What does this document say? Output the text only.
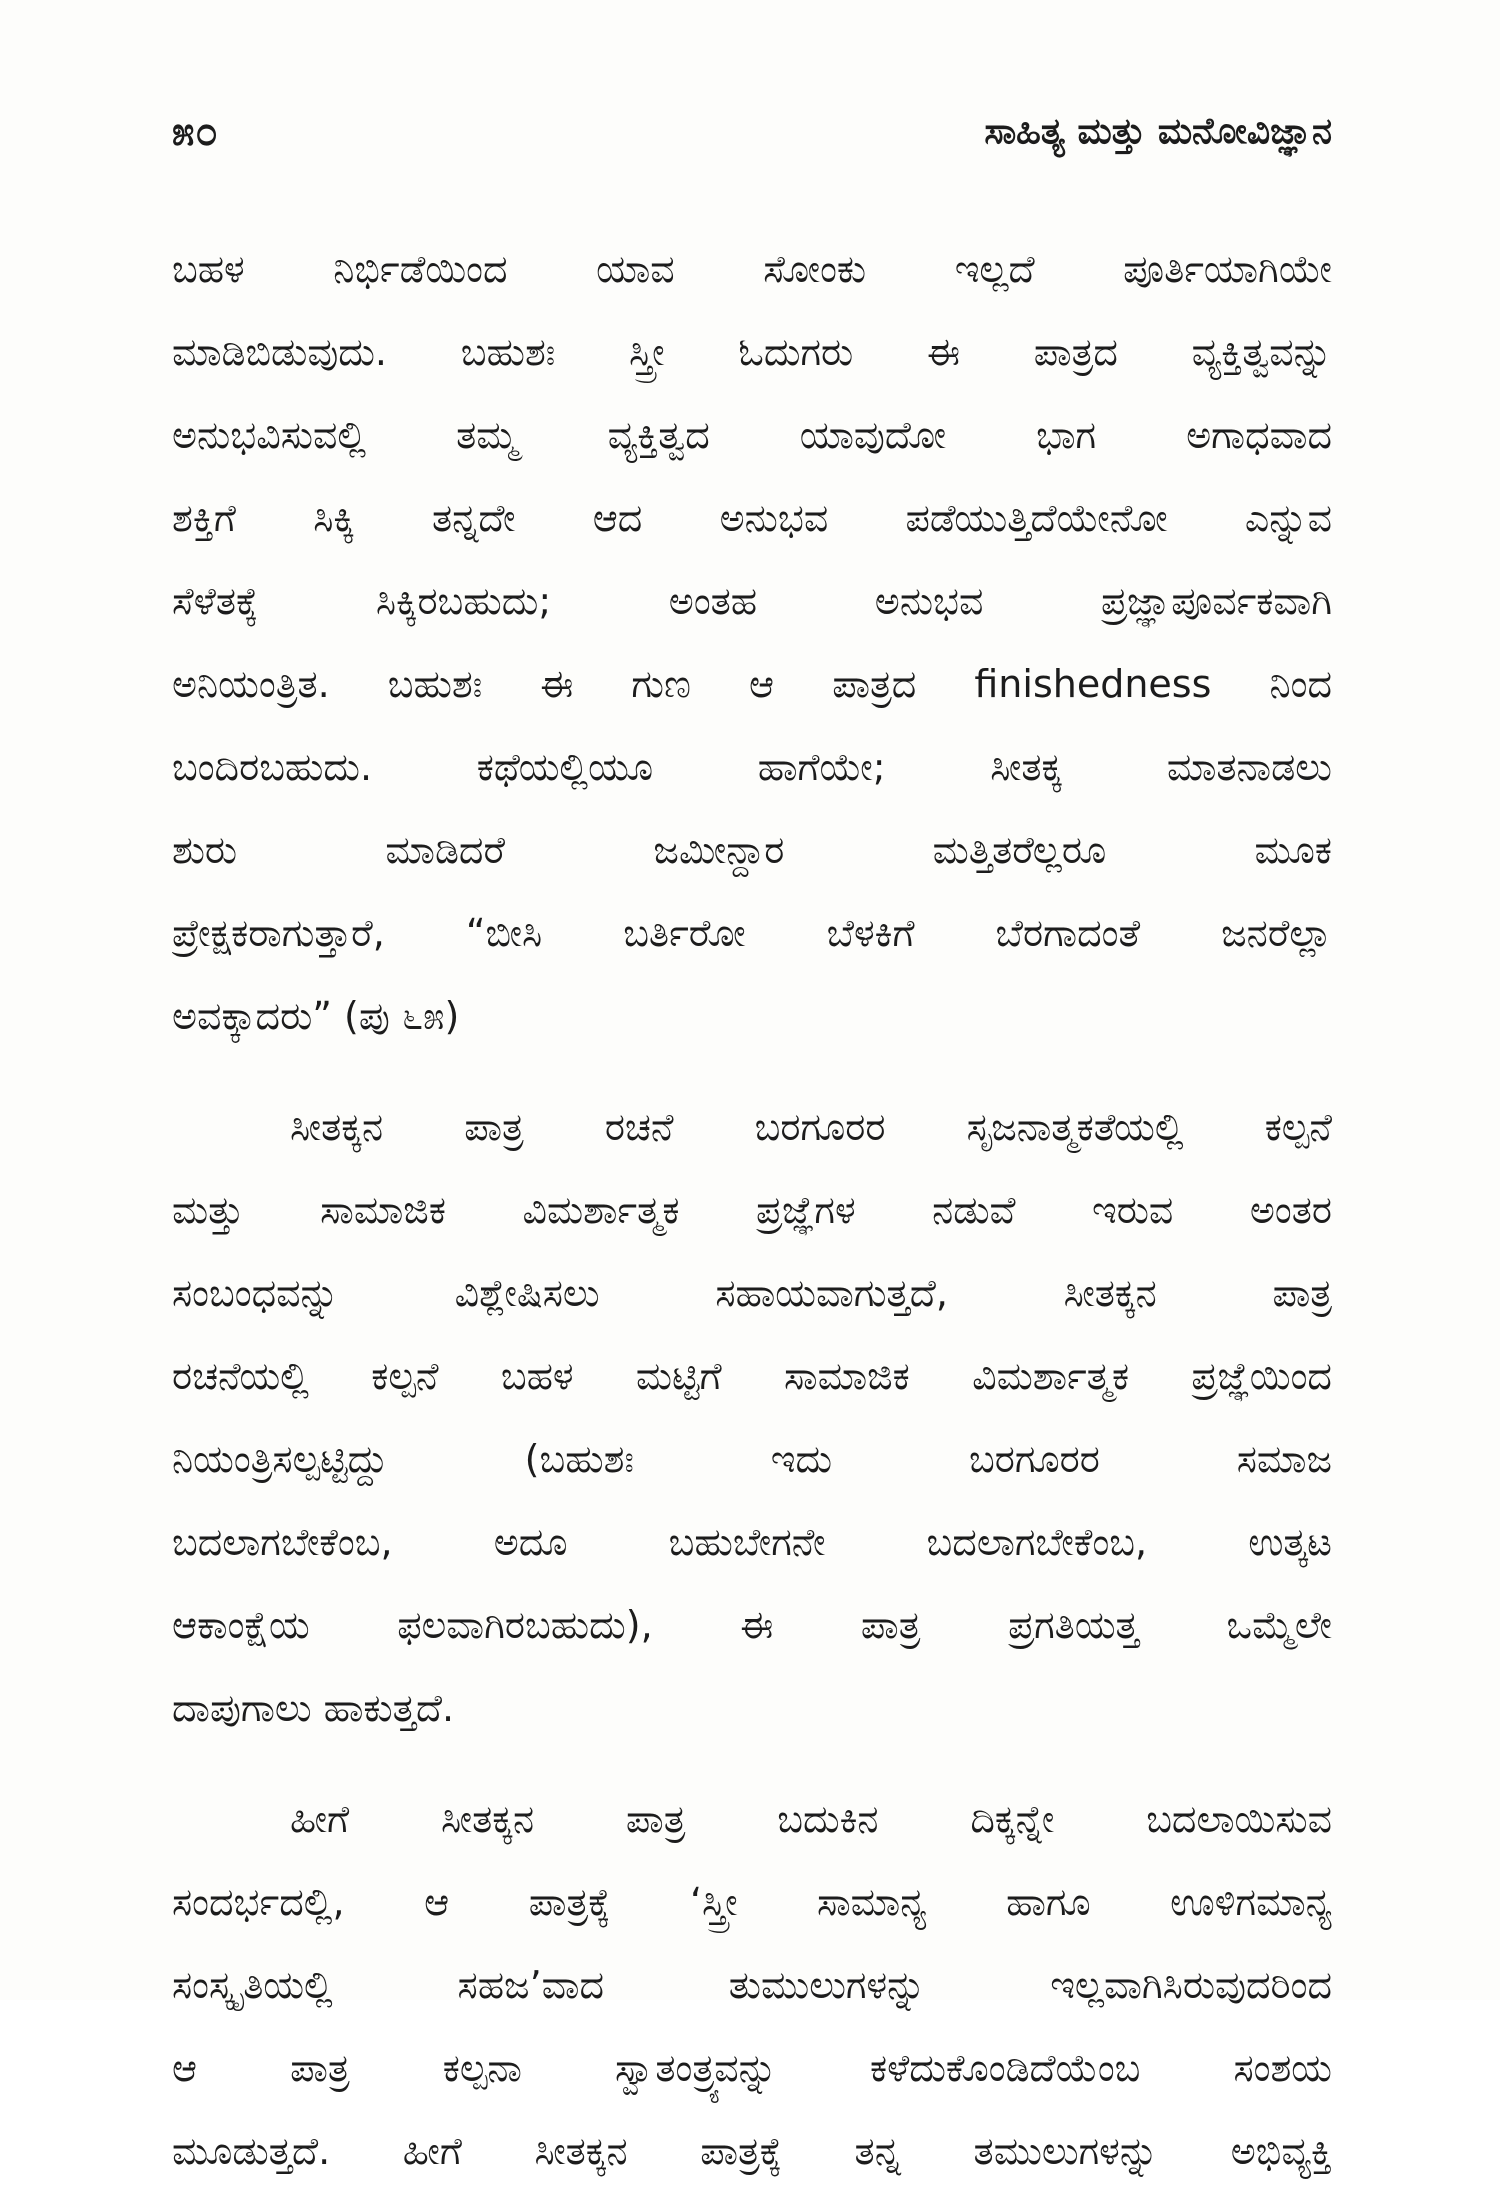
೫೦	ಸಾಹಿತ್ಯ ಮತ್ತು ಮನೋವಿಜ್ಞಾನ

ಬಹಳ ನಿರ್ಭಿಡೆಯಿಂದ ಯಾವ ಸೋಂಕು ಇಲ್ಲದೆ ಪೂರ್ತಿಯಾಗಿಯೇ
ಮಾಡಿಬಿಡುವುದು. ಬಹುಶಃ ಸ್ತ್ರೀ ಓದುಗರು ಈ ಪಾತ್ರದ ವ್ಯಕ್ತಿತ್ವವನ್ನು
ಅನುಭವಿಸುವಲ್ಲಿ ತಮ್ಮ ವ್ಯಕ್ತಿತ್ವದ ಯಾವುದೋ ಭಾಗ ಅಗಾಧವಾದ
ಶಕ್ತಿಗೆ ಸಿಕ್ಕಿ ತನ್ನದೇ ಆದ ಅನುಭವ ಪಡೆಯುತ್ತಿದೆಯೇನೋ ಎನ್ನುವ
ಸೆಳೆತಕ್ಕೆ ಸಿಕ್ಕಿರಬಹುದು; ಅಂತಹ ಅನುಭವ ಪ್ರಜ್ಞಾಪೂರ್ವಕವಾಗಿ
ಅನಿಯಂತ್ರಿತ. ಬಹುಶಃ ಈ ಗುಣ ಆ ಪಾತ್ರದ finishedness ನಿಂದ
ಬಂದಿರಬಹುದು. ಕಥೆಯಲ್ಲಿಯೂ ಹಾಗೆಯೇ; ಸೀತಕ್ಕ ಮಾತನಾಡಲು
ಶುರು ಮಾಡಿದರೆ ಜಮೀನ್ದಾರ ಮತ್ತಿತರೆಲ್ಲರೂ ಮೂಕ
ಪ್ರೇಕ್ಷಕರಾಗುತ್ತಾರೆ, “ಬೀಸಿ ಬರ್ತಿರೋ ಬೆಳಕಿಗೆ ಬೆರಗಾದಂತೆ ಜನರೆಲ್ಲಾ
ಅವಕ್ಕಾದರು” (ಪು ೬೫)

ಸೀತಕ್ಕನ ಪಾತ್ರ ರಚನೆ ಬರಗೂರರ ಸೃಜನಾತ್ಮಕತೆಯಲ್ಲಿ ಕಲ್ಪನೆ
ಮತ್ತು ಸಾಮಾಜಿಕ ವಿಮರ್ಶಾತ್ಮಕ ಪ್ರಜ್ಞೆಗಳ ನಡುವೆ ಇರುವ ಅಂತರ
ಸಂಬಂಧವನ್ನು ವಿಶ್ಲೇಷಿಸಲು ಸಹಾಯವಾಗುತ್ತದೆ, ಸೀತಕ್ಕನ ಪಾತ್ರ
ರಚನೆಯಲ್ಲಿ ಕಲ್ಪನೆ ಬಹಳ ಮಟ್ಟಿಗೆ ಸಾಮಾಜಿಕ ವಿಮರ್ಶಾತ್ಮಕ ಪ್ರಜ್ಞೆಯಿಂದ
ನಿಯಂತ್ರಿಸಲ್ಪಟ್ಟಿದ್ದು (ಬಹುಶಃ ಇದು ಬರಗೂರರ ಸಮಾಜ
ಬದಲಾಗಬೇಕೆಂಬ, ಅದೂ ಬಹುಬೇಗನೇ ಬದಲಾಗಬೇಕೆಂಬ, ಉತ್ಕಟ
ಆಕಾಂಕ್ಷೆಯ ಫಲವಾಗಿರಬಹುದು), ಈ ಪಾತ್ರ ಪ್ರಗತಿಯತ್ತ ಒಮ್ಮೆಲೇ
ದಾಪುಗಾಲು ಹಾಕುತ್ತದೆ.

ಹೀಗೆ ಸೀತಕ್ಕನ ಪಾತ್ರ ಬದುಕಿನ ದಿಕ್ಕನ್ನೇ ಬದಲಾಯಿಸುವ
ಸಂದರ್ಭದಲ್ಲಿ, ಆ ಪಾತ್ರಕ್ಕೆ ‘ಸ್ತ್ರೀ ಸಾಮಾನ್ಯ ಹಾಗೂ ಊಳಿಗಮಾನ್ಯ
ಸಂಸ್ಕೃತಿಯಲ್ಲಿ ಸಹಜ’ವಾದ ತುಮುಲುಗಳನ್ನು ಇಲ್ಲವಾಗಿಸಿರುವುದರಿಂದ
ಆ ಪಾತ್ರ ಕಲ್ಪನಾ ಸ್ವಾತಂತ್ರ್ಯವನ್ನು ಕಳೆದುಕೊಂಡಿದೆಯೆಂಬ ಸಂಶಯ
ಮೂಡುತ್ತದೆ. ಹೀಗೆ ಸೀತಕ್ಕನ ಪಾತ್ರಕ್ಕೆ ತನ್ನ ತಮುಲುಗಳನ್ನು ಅಭಿವ್ಯಕ್ತಿ
